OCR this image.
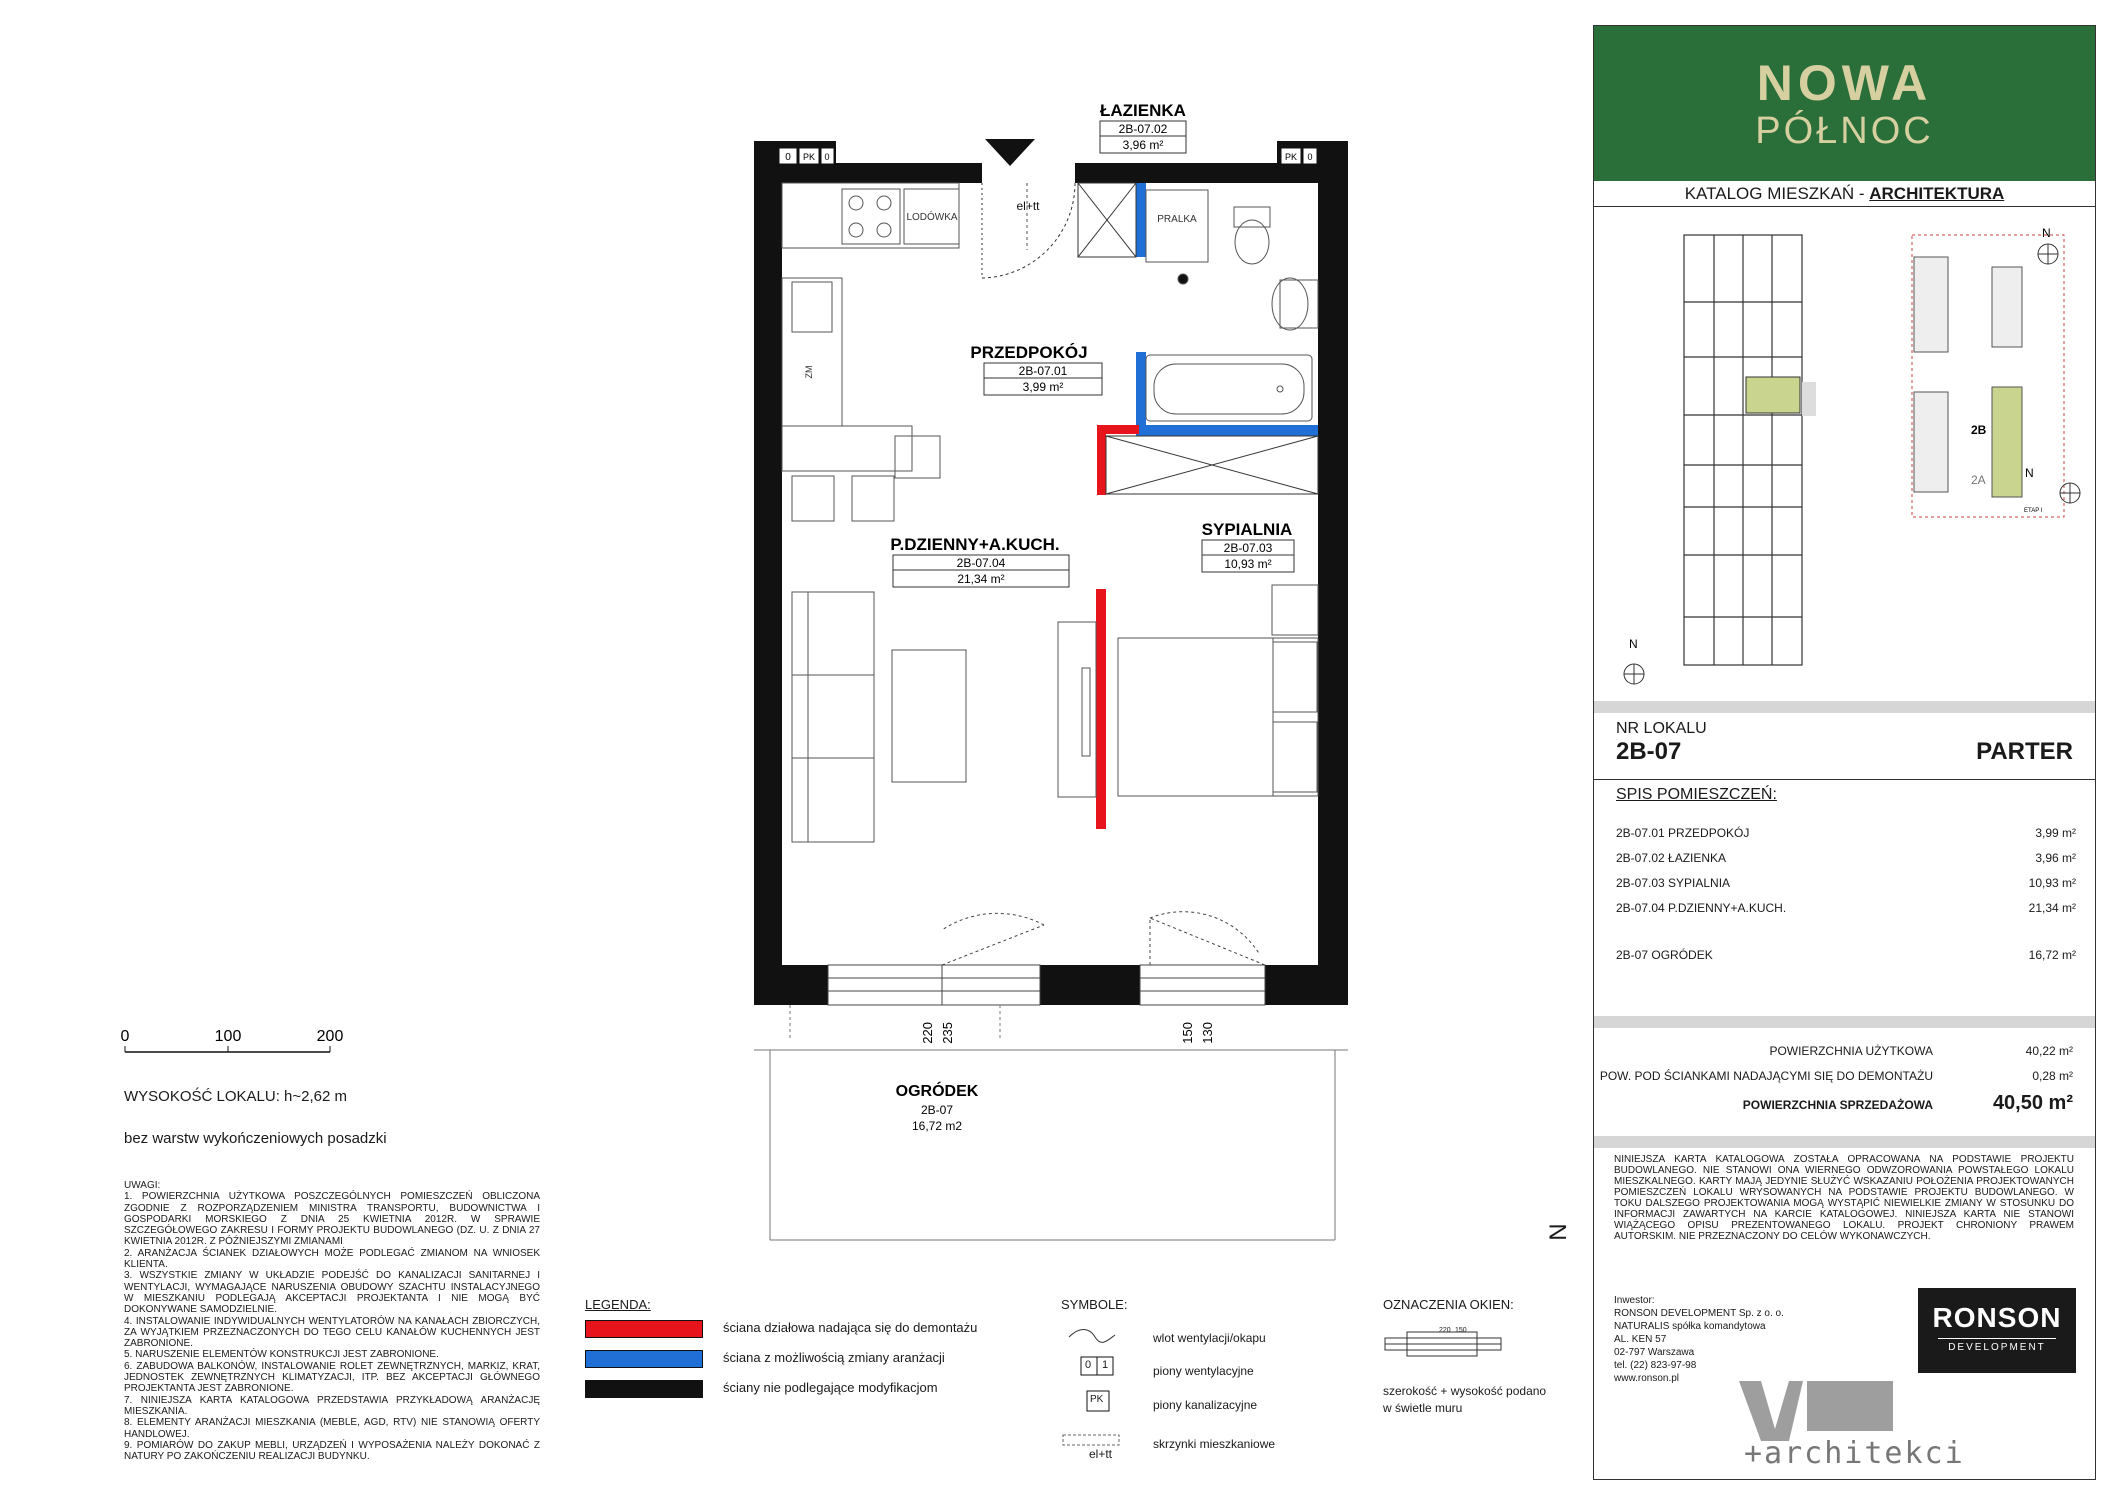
0 PK 0	PK 0
el+tt
PRALKA
LODÓWKA
ZM
220 235	150 130
ŁAZIENKA
2B-07.02
3,96 m²
PRZEDPOKÓJ
2B-07.01
3,99 m²
P.DZIENNY+A.KUCH.
2B-07.04
21,34 m²
SYPIALNIA
2B-07.03
10,93 m²
OGRÓDEK
2B-07
16,72 m2
0	100	200
N
WYSOKOŚĆ LOKALU: h~2,62 m
bez warstw wykończeniowych posadzki
UWAGI:
1. POWIERZCHNIA UŻYTKOWA POSZCZEGÓLNYCH POMIESZCZEŃ OBLICZONA ZGODNIE Z ROZPORZĄDZENIEM MINISTRA TRANSPORTU, BUDOWNICTWA I GOSPODARKI MORSKIEGO Z DNIA 25 KWIETNIA 2012R. W SPRAWIE SZCZEGÓŁOWEGO ZAKRESU I FORMY PROJEKTU BUDOWLANEGO (DZ. U. Z DNIA 27 KWIETNIA 2012R. Z PÓŹNIEJSZYMI ZMIANAMI
2. ARANŻACJA ŚCIANEK DZIAŁOWYCH MOŻE PODLEGAĆ ZMIANOM NA WNIOSEK KLIENTA.
3. WSZYSTKIE ZMIANY W UKŁADZIE PODEJŚĆ DO KANALIZACJI SANITARNEJ I WENTYLACJI, WYMAGAJĄCE NARUSZENIA OBUDOWY SZACHTU INSTALACYJNEGO W MIESZKANIU PODLEGAJĄ AKCEPTACJI PROJEKTANTA I NIE MOGĄ BYĆ DOKONYWANE SAMODZIELNIE.
4. INSTALOWANIE INDYWIDUALNYCH WENTYLATORÓW NA KANAŁACH ZBIORCZYCH, ZA WYJĄTKIEM PRZEZNACZONYCH DO TEGO CELU KANAŁÓW KUCHENNYCH JEST ZABRONIONE.
5. NARUSZENIE ELEMENTÓW KONSTRUKCJI JEST ZABRONIONE.
6. ZABUDOWA BALKONÓW, INSTALOWANIE ROLET ZEWNĘTRZNYCH, MARKIZ, KRAT, JEDNOSTEK ZEWNĘTRZNYCH KLIMATYZACJI, ITP. BEZ AKCEPTACJI GŁÓWNEGO PROJEKTANTA JEST ZABRONIONE.
7. NINIEJSZA KARTA KATALOGOWA PRZEDSTAWIA PRZYKŁADOWĄ ARANŻACJĘ MIESZKANIA.
8. ELEMENTY ARANŻACJI MIESZKANIA (MEBLE, AGD, RTV) NIE STANOWIĄ OFERTY HANDLOWEJ.
9. POMIARÓW DO ZAKUP MEBLI, URZĄDZEŃ I WYPOSAŻENIA NALEŻY DOKONAĆ Z NATURY PO ZAKOŃCZENIU REALIZACJI BUDYNKU.
LEGENDA:
ściana działowa nadająca się do demontażu
ściana z możliwością zmiany aranżacji
ściany nie podlegające modyfikacjom
SYMBOLE:
0 1
PK
el+tt
wlot wentylacji/okapu
piony wentylacyjne
piony kanalizacyjne
skrzynki mieszkaniowe
OZNACZENIA OKIEN:
220 150
szerokość + wysokość podano w świetle muru
NOWA
PÓŁNOC
KATALOG MIESZKAŃ - ARCHITEKTURA
2B
2A
ETAP I
N
N
N
NR LOKALU
2B-07	PARTER
SPIS POMIESZCZEŃ:
2B-07.01 PRZEDPOKÓJ	3,99 m²
2B-07.02 ŁAZIENKA	3,96 m²
2B-07.03 SYPIALNIA	10,93 m²
2B-07.04 P.DZIENNY+A.KUCH.	21,34 m²
2B-07 OGRÓDEK	16,72 m²
POWIERZCHNIA UŻYTKOWA	40,22 m²
POW. POD ŚCIANKAMI NADAJĄCYMI SIĘ DO DEMONTAŻU	0,28 m²
POWIERZCHNIA SPRZEDAŻOWA	40,50 m²
NINIEJSZA KARTA KATALOGOWA ZOSTAŁA OPRACOWANA NA PODSTAWIE PROJEKTU BUDOWLANEGO. NIE STANOWI ONA WIERNEGO ODWZOROWANIA POWSTAŁEGO LOKALU MIESZKALNEGO. KARTY MAJĄ JEDYNIE SŁUŻYĆ WSKAZANIU POŁOŻENIA PROJEKTOWANYCH POMIESZCZEŃ LOKALU WRYSOWANYCH NA PODSTAWIE PROJEKTU BUDOWLANEGO. W TOKU DALSZEGO PROJEKTOWANIA MOGĄ WYSTĄPIĆ NIEWIELKIE ZMIANY W STOSUNKU DO INFORMACJI ZAWARTYCH NA KARCIE KATALOGOWEJ. NINIEJSZA KARTA NIE STANOWI WIĄŻĄCEGO OPISU PREZENTOWANEGO LOKALU. PROJEKT CHRONIONY PRAWEM AUTORSKIM. NIE PRZEZNACZONY DO CELÓW WYKONAWCZYCH.
Inwestor:
RONSON DEVELOPMENT Sp. z o. o.
NATURALIS spółka komandytowa
AL. KEN 57
02-797 Warszawa
tel. (22) 823-97-98
www.ronson.pl
RONSON
DEVELOPMENT
+architekci
